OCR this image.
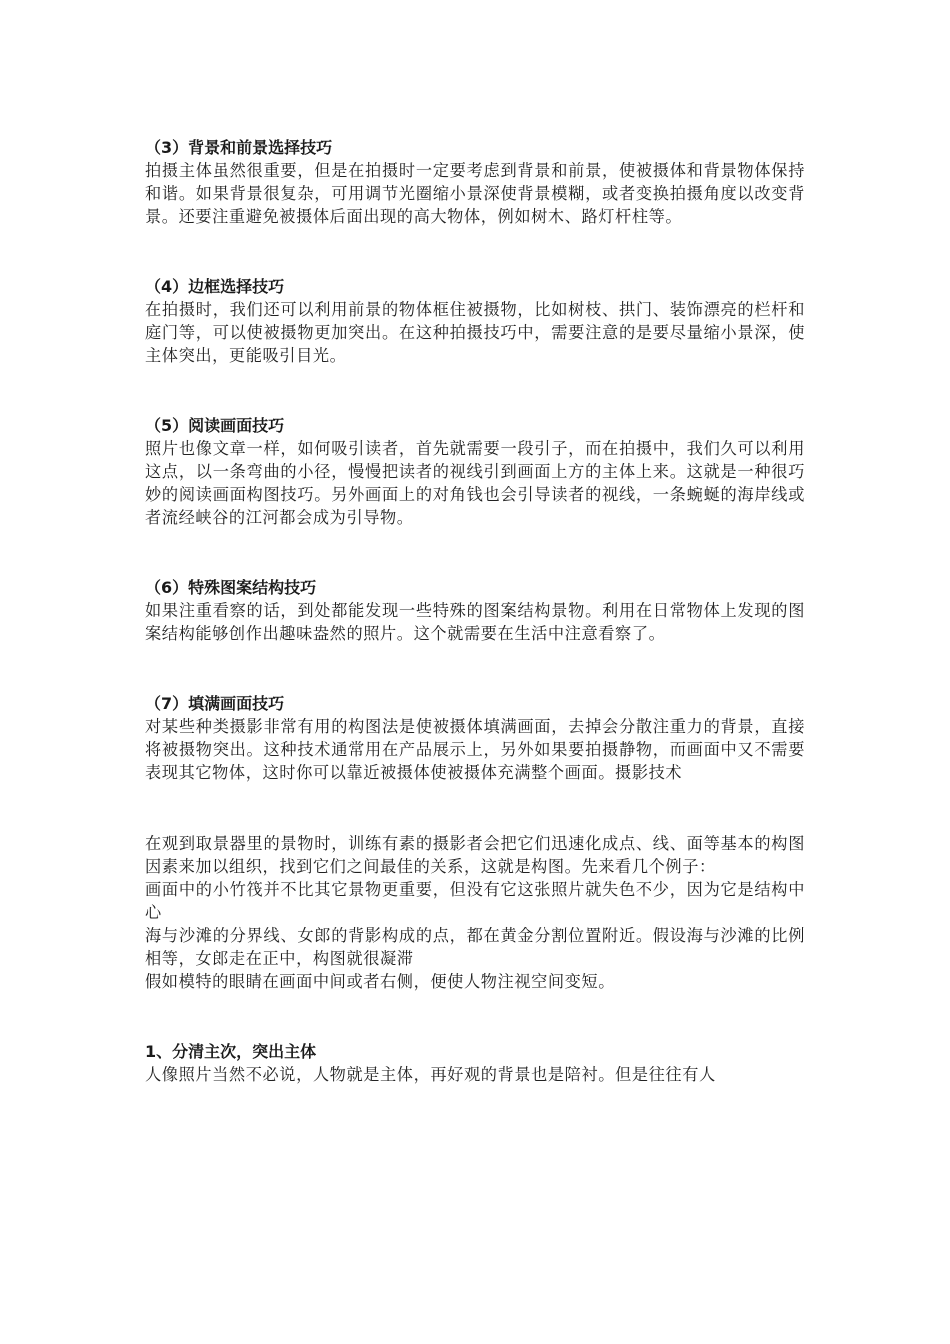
（3）背景和前景选择技巧

拍摄主体虽然很重要，但是在拍摄时一定要考虑到背景和前景，使被摄体和背景物体保持和谐。如果背景很复杂，可用调节光圈缩小景深使背景模糊，或者变换拍摄角度以改变背景。还要注重避免被摄体后面出现的高大物体，例如树木、路灯杆柱等。

（4）边框选择技巧

在拍摄时，我们还可以利用前景的物体框住被摄物，比如树枝、拱门、装饰漂亮的栏杆和庭门等，可以使被摄物更加突出。在这种拍摄技巧中，需要注意的是要尽量缩小景深，使主体突出，更能吸引目光。

（5）阅读画面技巧

照片也像文章一样，如何吸引读者，首先就需要一段引子，而在拍摄中，我们久可以利用这点，以一条弯曲的小径，慢慢把读者的视线引到画面上方的主体上来。这就是一种很巧妙的阅读画面构图技巧。另外画面上的对角钱也会引导读者的视线，一条蜿蜒的海岸线或者流经峡谷的江河都会成为引导物。

（6）特殊图案结构技巧

如果注重看察的话，到处都能发现一些特殊的图案结构景物。利用在日常物体上发现的图案结构能够创作出趣味盎然的照片。这个就需要在生活中注意看察了。

（7）填满画面技巧

对某些种类摄影非常有用的构图法是使被摄体填满画面，去掉会分散注重力的背景，直接将被摄物突出。这种技术通常用在产品展示上，另外如果要拍摄静物，而画面中又不需要表现其它物体，这时你可以靠近被摄体使被摄体充满整个画面。摄影技术

在观到取景器里的景物时，训练有素的摄影者会把它们迅速化成点、线、面等基本的构图因素来加以组织，找到它们之间最佳的关系，这就是构图。先来看几个例子：

画面中的小竹筏并不比其它景物更重要，但没有它这张照片就失色不少，因为它是结构中心

海与沙滩的分界线、女郎的背影构成的点，都在黄金分割位置附近。假设海与沙滩的比例相等，女郎走在正中，构图就很凝滞

假如模特的眼睛在画面中间或者右侧，便使人物注视空间变短。

1、分清主次，突出主体

人像照片当然不必说，人物就是主体，再好观的背景也是陪衬。但是往往有人
